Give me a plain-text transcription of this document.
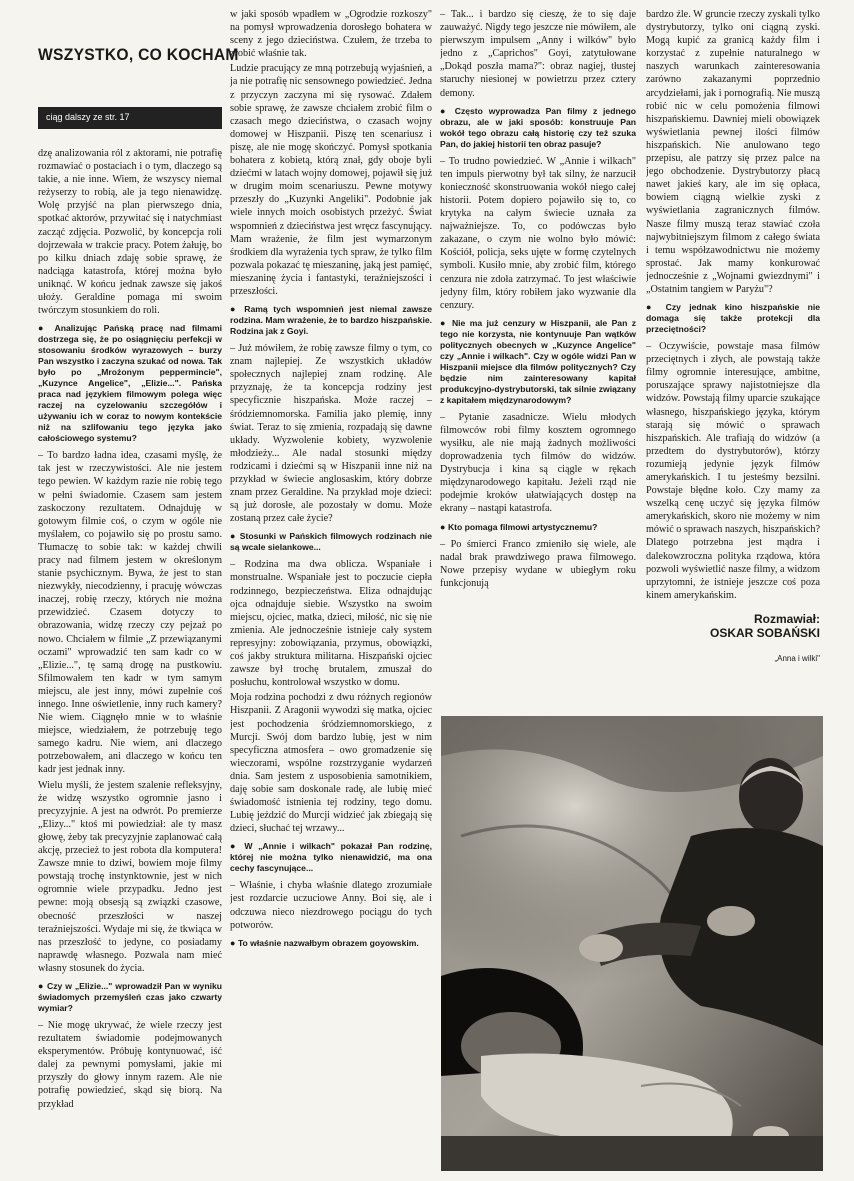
WSZYSTKO, CO KOCHAM
ciąg dalszy ze str. 17

dzę analizowania ról z aktorami, nie potrafię rozmawiać o postaciach i o tym, dlaczego są takie, a nie inne. Wiem, że wszyscy niemal reżyserzy to robią, ale ja tego nienawidzę. Wolę przyjść na plan pierwszego dnia, spotkać aktorów, przywitać się i natychmiast zacząć zdjęcia. Pozwolić, by koncepcja roli dojrzewała w trakcie pracy. Potem żałuję, bo po kilku dniach zdaję sobie sprawę, że nadciąga katastrofa, której można było uniknąć. W końcu jednak zawsze się jakoś ułoży. Geraldine pomaga mi swoim twórczym stosunkiem do roli.

● Analizując Pańską pracę nad filmami dostrzega się, że po osiągnięciu perfekcji w stosowaniu środków wyrazowych – burzy Pan wszystko i zaczyna szukać od nowa. Tak było po „Mrożonym peppermincie", „Kuzynce Angelice", „Elizie...". Pańska praca nad językiem filmowym polega więc raczej na cyzelowaniu szczegółów i używaniu ich w coraz to nowym kontekście niż na szlifowaniu tego języka jako całościowego systemu?

– To bardzo ładna idea, czasami myślę, że tak jest w rzeczywistości. Ale nie jestem tego pewien. W każdym razie nie robię tego w pełni świadomie. Czasem sam jestem zaskoczony rezultatem. Odnajduję w gotowym filmie coś, o czym w ogóle nie myślałem, co pojawiło się po prostu samo. Tłumaczę to sobie tak: w każdej chwili pracy nad filmem jestem w określonym stanie psychicznym. Bywa, że jest to stan niezwykły, niecodzienny, i pracuję wówczas inaczej, robię rzeczy, których nie można przewidzieć. Czasem dotyczy to obrazowania, widzę rzeczy czy pejzaż po nowo. Chciałem w filmie „Z przewiązanymi oczami" wprowadzić ten sam kadr co w „Elizie...", tę samą drogę na pustkowiu. Sfilmowałem ten kadr w tym samym miejscu, ale jest inny, mówi zupełnie coś innego. Inne oświetlenie, inny ruch kamery? Nie wiem. Ciągnęło mnie w to właśnie miejsce, wiedziałem, że potrzebuję tego samego kadru. Nie wiem, ani dlaczego potrzebowałem, ani dlaczego w końcu ten kadr jest jednak inny.

Wielu myśli, że jestem szalenie refleksyjny, że widzę wszystko ogromnie jasno i precyzyjnie. A jest na odwrót. Po premierze „Elizy..." ktoś mi powiedział: ale ty masz głowę, żeby tak precyzyjnie zaplanować całą akcję, przecież to jest robota dla komputera! Zawsze mnie to dziwi, bowiem moje filmy powstają trochę instynktownie, jest w nich ogromnie wiele przypadku. Jedno jest pewne: moją obsesją są związki czasowe, obecność przeszłości w naszej teraźniejszości. Wydaje mi się, że tkwiąca w nas przeszłość to jedyne, co posiadamy naprawdę własnego. Pozwala nam mieć własny stosunek do życia.

● Czy w „Elizie..." wprowadził Pan w wyniku świadomych przemyśleń czas jako czwarty wymiar?

– Nie mogę ukrywać, że wiele rzeczy jest rezultatem świadomie podejmowanych eksperymentów. Próbuję kontynuować, iść dalej za pewnymi pomysłami, jakie mi przyszły do głowy innym razem. Ale nie potrafię powiedzieć, skąd się biorą. Na przykład

w jaki sposób wpadłem w „Ogrodzie rozkoszy" na pomysł wprowadzenia dorosłego bohatera w sceny z jego dzieciństwa. Czułem, że trzeba to zrobić właśnie tak.

Ludzie pracujący ze mną potrzebują wyjaśnień, a ja nie potrafię nic sensownego powiedzieć. Jedna z przyczyn zaczyna mi się rysować. Zdałem sobie sprawę, że zawsze chciałem zrobić film o czasach mego dzieciństwa, o czasach wojny domowej w Hiszpanii. Piszę ten scenariusz i piszę, ale nie mogę skończyć. Pomysł spotkania bohatera z kobietą, którą znał, gdy oboje byli dziećmi w latach wojny domowej, pojawił się już w drugim moim scenariuszu. Pewne motywy przeszły do „Kuzynki Angeliki". Podobnie jak wiele innych moich osobistych przeżyć. Świat wspomnień z dzieciństwa jest wręcz fascynujący. Mam wrażenie, że film jest wymarzonym środkiem dla wyrażenia tych spraw, że tylko film pozwala pokazać tę mieszaninę, jaką jest pamięć, mieszaninę życia i fantastyki, teraźniejszości i przeszłości.

● Ramą tych wspomnień jest niemal zawsze rodzina. Mam wrażenie, że to bardzo hiszpańskie. Rodzina jak z Goyi.

– Już mówiłem, że robię zawsze filmy o tym, co znam najlepiej. Ze wszystkich układów społecznych najlepiej znam rodzinę. Ale przyznaję, że ta koncepcja rodziny jest specyficznie hiszpańska. Może raczej – śródziemnomorska. Familia jako plemię, inny świat. Teraz to się zmienia, rozpadają się dawne układy. Wyzwolenie kobiety, wyzwolenie młodzieży... Ale nadal stosunki między rodzicami i dziećmi są w Hiszpanii inne niż na przykład w świecie anglosaskim, który dobrze znam przez Geraldine. Na przykład moje dzieci: są już dorosłe, ale pozostały w domu. Może zostaną przez całe życie?

● Stosunki w Pańskich filmowych rodzinach nie są wcale sielankowe...

– Rodzina ma dwa oblicza. Wspaniałe i monstrualne. Wspaniałe jest to poczucie ciepła rodzinnego, bezpieczeństwa. Eliza odnajdując ojca odnajduje siebie. Wszystko na swoim miejscu, ojciec, matka, dzieci, miłość, nic się nie zmienia. Ale jednocześnie istnieje cały system represyjny: zobowiązania, przymus, obowiązki, coś jakby struktura militarna. Hiszpański ojciec zawsze był trochę brutalem, zmuszał do posłuchu, kontrolował wszystko w domu.

Moja rodzina pochodzi z dwu różnych regionów Hiszpanii. Z Aragonii wywodzi się matka, ojciec jest pochodzenia śródziemnomorskiego, z Murcji. Swój dom bardzo lubię, jest w nim specyficzna atmosfera – owo gromadzenie się wieczorami, wspólne rozstrzyganie wydarzeń dnia. Sam jestem z usposobienia samotnikiem, daję sobie sam doskonale radę, ale lubię mieć świadomość istnienia tej rodziny, tego domu. Lubię jeździć do Murcji widzieć jak zbiegają się dzieci, słuchać tej wrzawy...

● W „Annie i wilkach" pokazał Pan rodzinę, której nie można tylko nienawidzić, ma ona cechy fascynujące...

– Właśnie, i chyba właśnie dlatego zrozumiałe jest rozdarcie uczuciowe Anny. Boi się, ale i odczuwa nieco niezdrowego pociągu do tych potworów.

● To właśnie nazwałbym obrazem goyowskim.

– Tak... i bardzo się cieszę, że to się daje zauważyć. Nigdy tego jeszcze nie mówiłem, ale pierwszym impulsem „Anny i wilków" było jedno z „Caprichos" Goyi, zatytułowane „Dokąd poszła mama?": obraz nagiej, tłustej staruchy niesionej w powietrzu przez cztery demony.

● Często wyprowadza Pan filmy z jednego obrazu, ale w jaki sposób: konstruuje Pan wokół tego obrazu całą historię czy też szuka Pan, do jakiej historii ten obraz pasuje?

– To trudno powiedzieć. W „Annie i wilkach" ten impuls pierwotny był tak silny, że narzucił konieczność skonstruowania wokół niego całej historii. Potem dopiero pojawiło się to, co krytyka na całym świecie uznała za najważniejsze. To, co podówczas było zakazane, o czym nie wolno było mówić: Kościół, policja, seks ujęte w formę czytelnych symboli. Kusiło mnie, aby zrobić film, którego cenzura nie zdoła zatrzymać. To jest właściwie jedyny film, który robiłem jako wyzwanie dla cenzury.

● Nie ma już cenzury w Hiszpanii, ale Pan z tego nie korzysta, nie kontynuuje Pan wątków politycznych obecnych w „Kuzynce Angelice" czy „Annie i wilkach". Czy w ogóle widzi Pan w Hiszpanii miejsce dla filmów politycznych? Czy będzie nim zainteresowany kapitał produkcyjno-dystrybutorski, tak silnie związany z kapitałem międzynarodowym?

– Pytanie zasadnicze. Wielu młodych filmowców robi filmy kosztem ogromnego wysiłku, ale nie mają żadnych możliwości doprowadzenia tych filmów do widzów. Dystrybucja i kina są ciągle w rękach międzynarodowego kapitału. Jeżeli rząd nie podejmie kroków ułatwiających dostęp na ekrany – nastąpi katastrofa.

● Kto pomaga filmowi artystycznemu?

– Po śmierci Franco zmieniło się wiele, ale nadal brak prawdziwego prawa filmowego. Nowe przepisy wydane w ubiegłym roku funkcjonują

bardzo źle. W gruncie rzeczy zyskali tylko dystrybutorzy, tylko oni ciągną zyski. Mogą kupić za granicą każdy film i korzystać z zupełnie naturalnego w naszych warunkach zainteresowania zarówno zakazanymi poprzednio arcydziełami, jak i pornografią. Nie muszą robić nic w celu pomożenia filmowi hiszpańskiemu. Dawniej mieli obowiązek wyświetlania pewnej ilości filmów hiszpańskich. Nie anulowano tego przepisu, ale patrzy się przez palce na jego obchodzenie. Dystrybutorzy płacą nawet jakieś kary, ale im się opłaca, bowiem ciągną wielkie zyski z wyświetlania zagranicznych filmów. Nasze filmy muszą teraz stawiać czoła najwybitniejszym filmom z całego świata i temu współzawodnictwu nie możemy sprostać. Jak mamy konkurować jednocześnie z „Wojnami gwiezdnymi" i „Ostatnim tangiem w Paryżu"?

● Czy jednak kino hiszpańskie nie domaga się także protekcji dla przeciętności?

– Oczywiście, powstaje masa filmów przeciętnych i złych, ale powstają także filmy ogromnie interesujące, ambitne, poruszające sprawy najistotniejsze dla widzów. Powstają filmy uparcie szukające własnego, hiszpańskiego języka, którym starają się mówić o sprawach hiszpańskich. Ale trafiają do widzów (a przedtem do dystrybutorów), którzy rozumieją jedynie język filmów amerykańskich. I tu jesteśmy bezsilni. Powstaje błędne koło. Czy mamy za wszelką cenę uczyć się języka filmów amerykańskich, skoro nie możemy w nim mówić o sprawach naszych, hiszpańskich? Dlatego potrzebna jest mądra i dalekowzroczna polityka rządowa, która pozwoli wyświetlić nasze filmy, a widzom uprzytomni, że istnieje jeszcze coś poza kinem amerykańskim.

Rozmawiał:
OSKAR SOBAŃSKI
„Anna i wilki"
